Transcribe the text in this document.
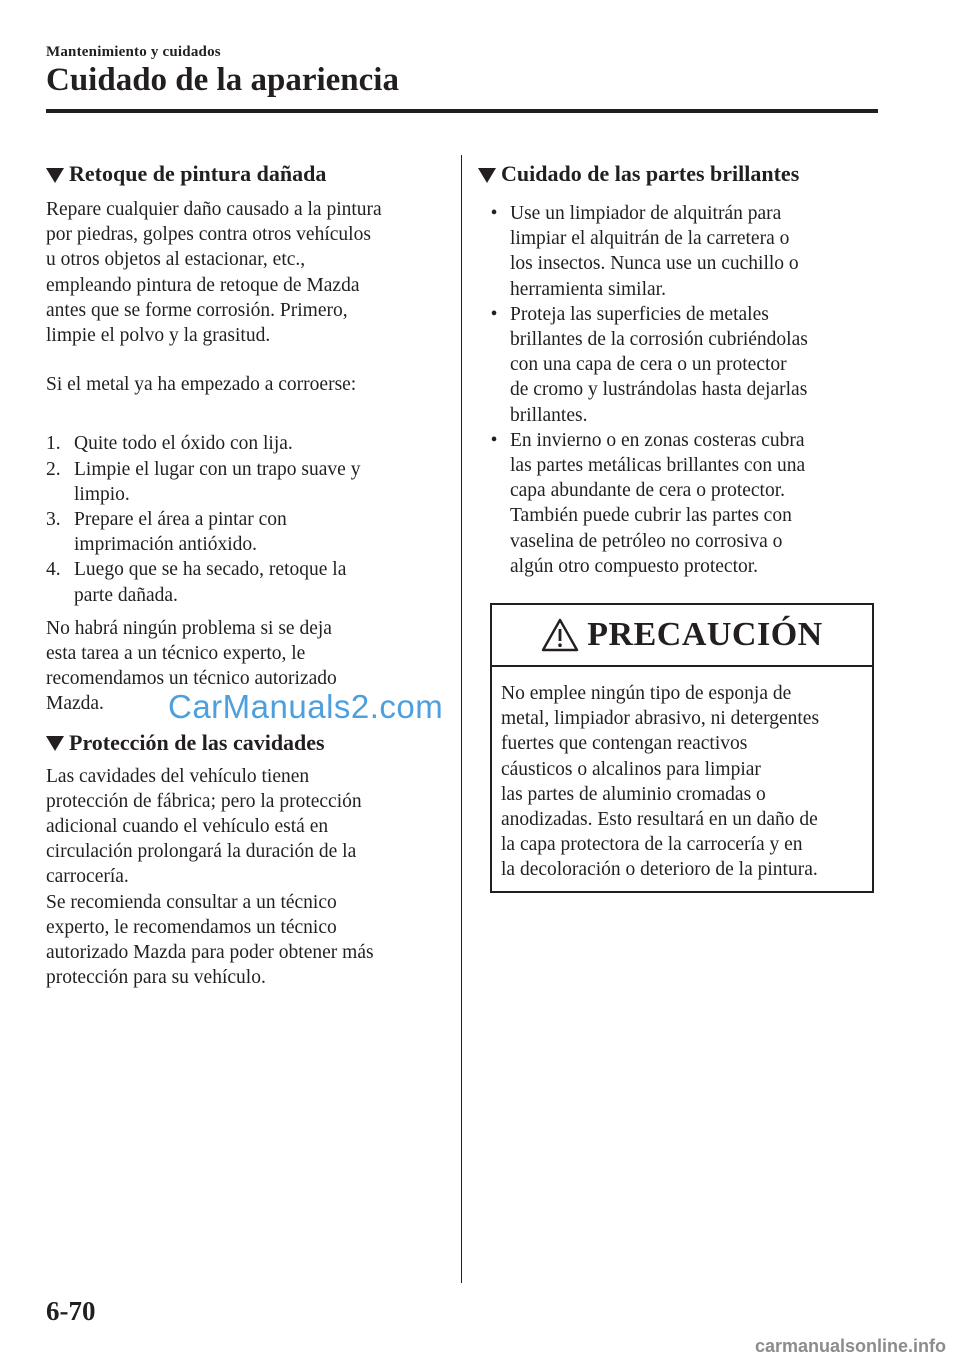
Mantenimiento y cuidados
Cuidado de la apariencia
Retoque de pintura dañada

Repare cualquier daño causado a la pintura
por piedras, golpes contra otros vehículos
u otros objetos al estacionar, etc.,
empleando pintura de retoque de Mazda
antes que se forme corrosión. Primero,
limpie el polvo y la grasitud.

Si el metal ya ha empezado a corroerse:

1. Quite todo el óxido con lija.
2. Limpie el lugar con un trapo suave y
limpio.
3. Prepare el área a pintar con
imprimación antióxido.
4. Luego que se ha secado, retoque la
parte dañada.

No habrá ningún problema si se deja
esta tarea a un técnico experto, le
recomendamos un técnico autorizado
Mazda.

Protección de las cavidades

Las cavidades del vehículo tienen
protección de fábrica; pero la protección
adicional cuando el vehículo está en
circulación prolongará la duración de la
carrocería.
Se recomienda consultar a un técnico
experto, le recomendamos un técnico
autorizado Mazda para poder obtener más
protección para su vehículo.

Cuidado de las partes brillantes
• Use un limpiador de alquitrán para
limpiar el alquitrán de la carretera o
los insectos. Nunca use un cuchillo o
herramienta similar.
• Proteja las superficies de metales
brillantes de la corrosión cubriéndolas
con una capa de cera o un protector
de cromo y lustrándolas hasta dejarlas
brillantes.
• En invierno o en zonas costeras cubra
las partes metálicas brillantes con una
capa abundante de cera o protector.
También puede cubrir las partes con
vaselina de petróleo no corrosiva o
algún otro compuesto protector.
PRECAUCIÓN
No emplee ningún tipo de esponja de
metal, limpiador abrasivo, ni detergentes
fuertes que contengan reactivos
cáusticos o alcalinos para limpiar
las partes de aluminio cromadas o
anodizadas. Esto resultará en un daño de
la capa protectora de la carrocería y en
la decoloración o deterioro de la pintura.
CarManuals2.com
6-70
carmanualsonline.info
